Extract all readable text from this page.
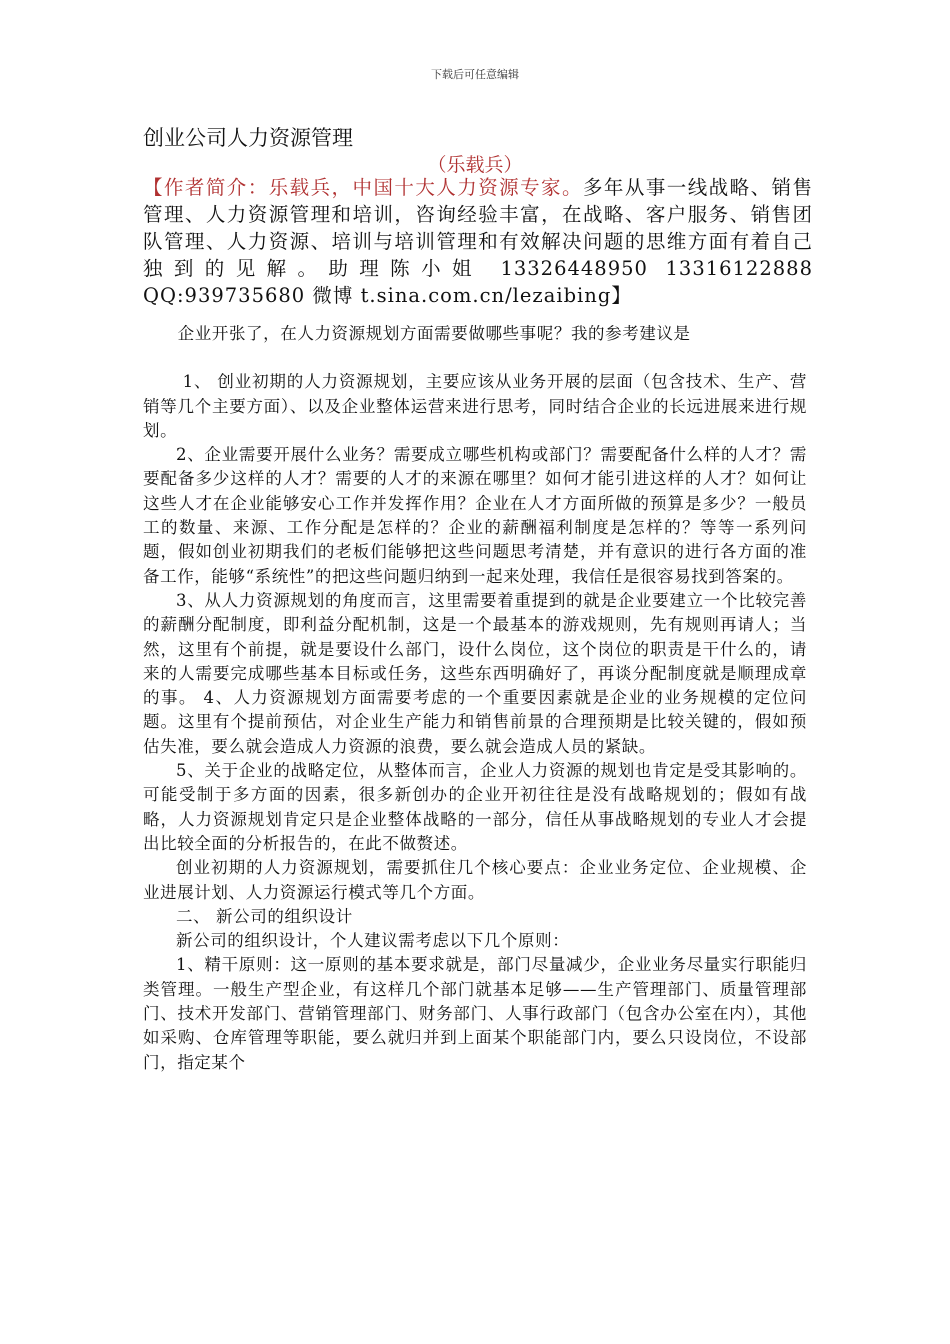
下载后可任意编辑
创业公司人力资源管理
（乐载兵）
【作者简介：乐载兵，中国十大人力资源专家。多年从事一线战略、销售管理、人力资源管理和培训，咨询经验丰富，在战略、客户服务、销售团队管理、人力资源、培训与培训管理和有效解决问题的思维方面有着自己独到的见解。助理陈小姐 13326448950 13316122888 QQ:939735680 微博 t.sina.com.cn/lezaibing】

企业开张了，在人力资源规划方面需要做哪些事呢？我的参考建议是

1、 创业初期的人力资源规划，主要应该从业务开展的层面（包含技术、生产、营销等几个主要方面）、以及企业整体运营来进行思考，同时结合企业的长远进展来进行规划。

2、企业需要开展什么业务？需要成立哪些机构或部门？需要配备什么样的人才？需要配备多少这样的人才？需要的人才的来源在哪里？如何才能引进这样的人才？如何让这些人才在企业能够安心工作并发挥作用？企业在人才方面所做的预算是多少？一般员工的数量、来源、工作分配是怎样的？企业的薪酬福利制度是怎样的？等等一系列问题，假如创业初期我们的老板们能够把这些问题思考清楚，并有意识的进行各方面的准备工作，能够“系统性”的把这些问题归纳到一起来处理，我信任是很容易找到答案的。

3、从人力资源规划的角度而言，这里需要着重提到的就是企业要建立一个比较完善的薪酬分配制度，即利益分配机制，这是一个最基本的游戏规则，先有规则再请人；当然，这里有个前提，就是要设什么部门，设什么岗位，这个岗位的职责是干什么的，请来的人需要完成哪些基本目标或任务，这些东西明确好了，再谈分配制度就是顺理成章的事。 4、人力资源规划方面需要考虑的一个重要因素就是企业的业务规模的定位问题。这里有个提前预估，对企业生产能力和销售前景的合理预期是比较关键的，假如预估失准，要么就会造成人力资源的浪费，要么就会造成人员的紧缺。

5、关于企业的战略定位，从整体而言，企业人力资源的规划也肯定是受其影响的。可能受制于多方面的因素，很多新创办的企业开初往往是没有战略规划的；假如有战略，人力资源规划肯定只是企业整体战略的一部分，信任从事战略规划的专业人才会提出比较全面的分析报告的，在此不做赘述。

创业初期的人力资源规划，需要抓住几个核心要点：企业业务定位、企业规模、企业进展计划、人力资源运行模式等几个方面。

二、 新公司的组织设计

新公司的组织设计，个人建议需考虑以下几个原则：

1、精干原则：这一原则的基本要求就是，部门尽量减少，企业业务尽量实行职能归类管理。一般生产型企业，有这样几个部门就基本足够——生产管理部门、质量管理部门、技术开发部门、营销管理部门、财务部门、人事行政部门（包含办公室在内），其他如采购、仓库管理等职能，要么就归并到上面某个职能部门内，要么只设岗位，不设部门，指定某个
